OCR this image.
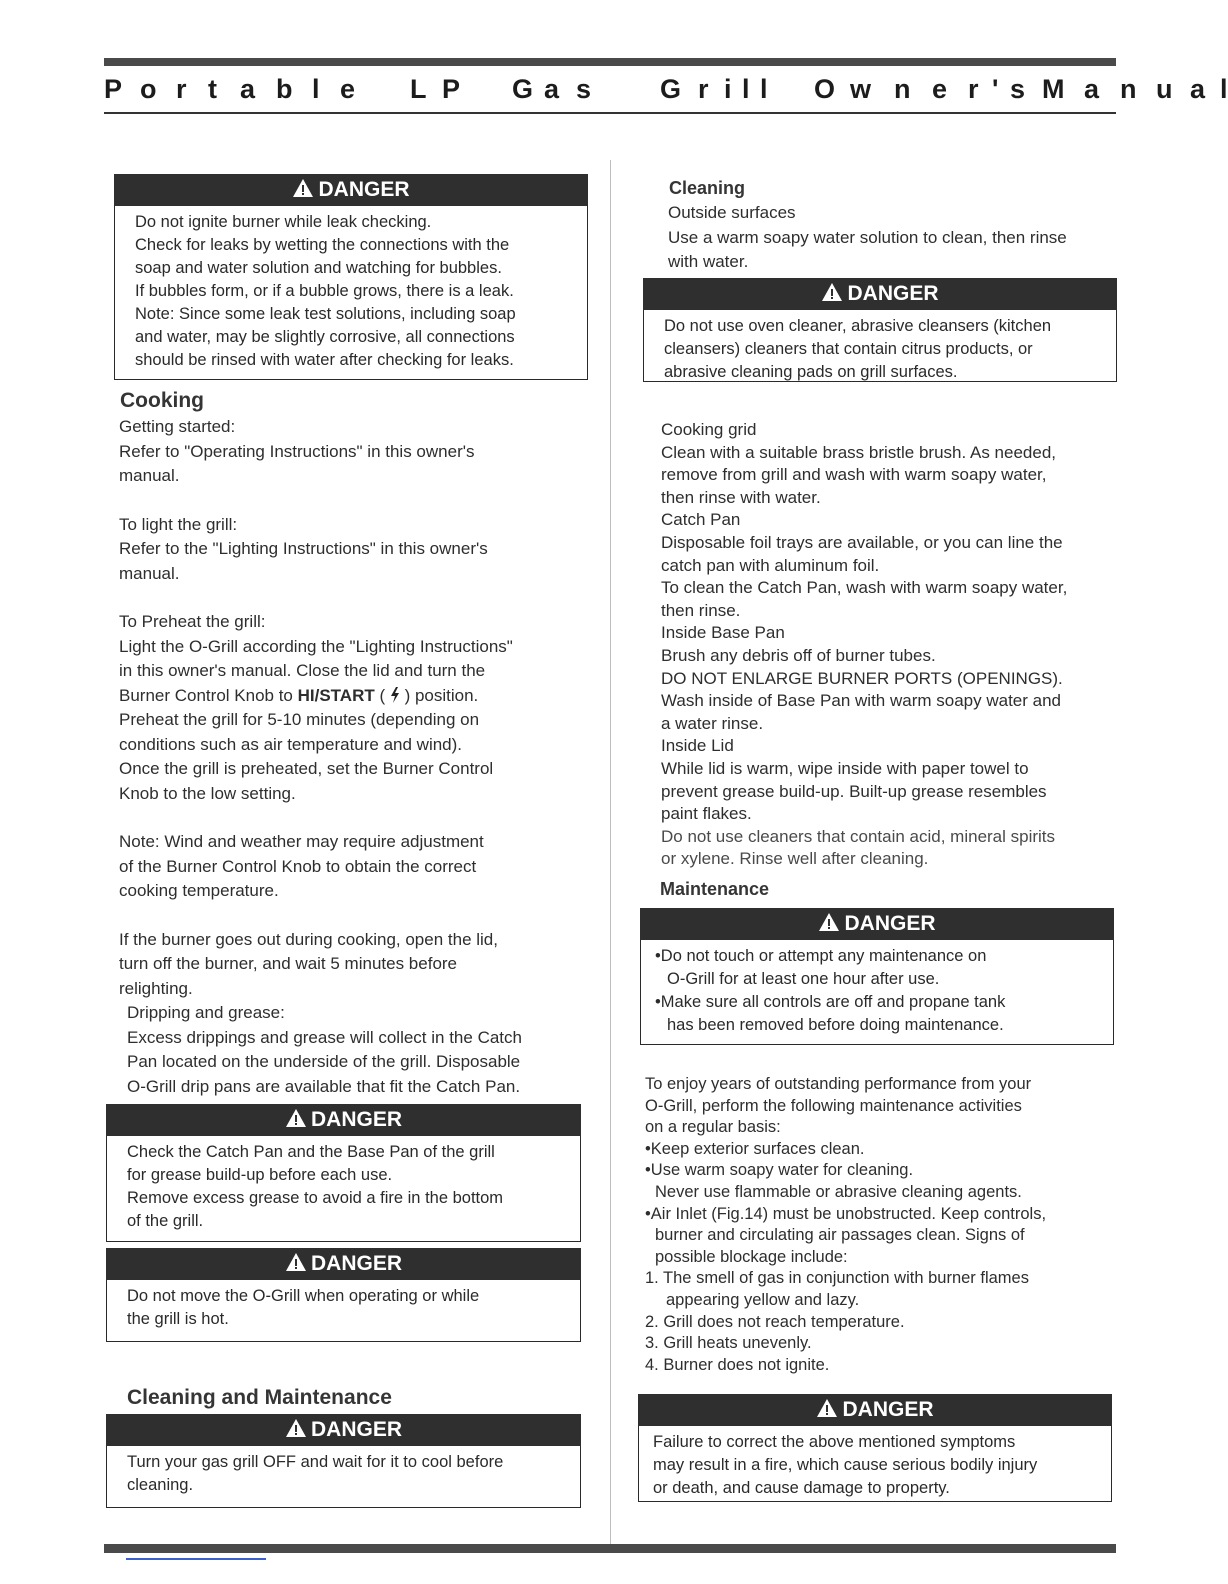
P o r t a b l e L P G a s	G r i l l O w n e r ' s M a n u a l
DANGER

Do not ignite burner while leak checking.

Check for leaks by wetting the connections with the

soap and water solution and watching for bubbles.

If bubbles form, or if a bubble grows, there is a leak.

Note: Since some leak test solutions, including soap

and water, may be slightly corrosive, all connections

should be rinsed with water after checking for leaks.

Cooking

Getting started:

Refer to "Operating Instructions" in this owner's

manual.

To light the grill:

Refer to the "Lighting Instructions" in this owner's

manual.

To Preheat the grill:

Light the O-Grill according the "Lighting Instructions"

in this owner's manual. Close the lid and turn the

Burner Control Knob to HI/START (  ) position.

Preheat the grill for 5-10 minutes (depending on

conditions such as air temperature and wind).

Once the grill is preheated, set the Burner Control

Knob to the low setting.

Note: Wind and weather may require adjustment

of the Burner Control Knob to obtain the correct

cooking temperature.

If the burner goes out during cooking, open the lid,

turn off the burner, and wait 5 minutes before

relighting.

Dripping and grease:

Excess drippings and grease will collect in the Catch

Pan located on the underside of the grill. Disposable

O-Grill drip pans are available that fit the Catch Pan.

DANGER

Check the Catch Pan and the Base Pan of the grill

for grease build-up before each use.

Remove excess grease to avoid a fire in the bottom

of the grill.

DANGER

Do not move the O-Grill when operating or while

the grill is hot.

Cleaning and Maintenance
DANGER

Turn your gas grill OFF and wait for it to cool before

cleaning.

Cleaning

Outside surfaces

Use a warm soapy water solution to clean, then rinse

with water.

DANGER

Do not use oven cleaner, abrasive cleansers (kitchen

cleansers) cleaners that contain citrus products, or

abrasive cleaning pads on grill surfaces.

Cooking grid

Clean with a suitable brass bristle brush. As needed,

remove from grill and wash with warm soapy water,

then rinse with water.

Catch Pan

Disposable foil trays are available, or you can line the

catch pan with aluminum foil.

To clean the Catch Pan, wash with warm soapy water,

then rinse.

Inside Base Pan

Brush any debris off of burner tubes.

DO NOT ENLARGE BURNER PORTS (OPENINGS).

Wash inside of Base Pan with warm soapy water and

a water rinse.

Inside Lid

While lid is warm, wipe inside with paper towel to

prevent grease build-up. Built-up grease resembles

paint flakes.

Do not use cleaners that contain acid, mineral spirits

or xylene. Rinse well after cleaning.

Maintenance
DANGER

•Do not touch or attempt any maintenance on

O-Grill for at least one hour after use.

•Make sure all controls are off and propane tank

has been removed before doing maintenance.

To enjoy years of outstanding performance from your

O-Grill, perform the following maintenance activities

on a regular basis:

•Keep exterior surfaces clean.

•Use warm soapy water for cleaning.

Never use flammable or abrasive cleaning agents.

•Air Inlet (Fig.14) must be unobstructed. Keep controls,

burner and circulating air passages clean. Signs of

possible blockage include:

1. The smell of gas in conjunction with burner flames

appearing yellow and lazy.

2. Grill does not reach temperature.

3. Grill heats unevenly.

4. Burner does not ignite.

DANGER

Failure to correct the above mentioned symptoms

may result in a fire, which cause serious bodily injury

or death, and cause damage to property.
